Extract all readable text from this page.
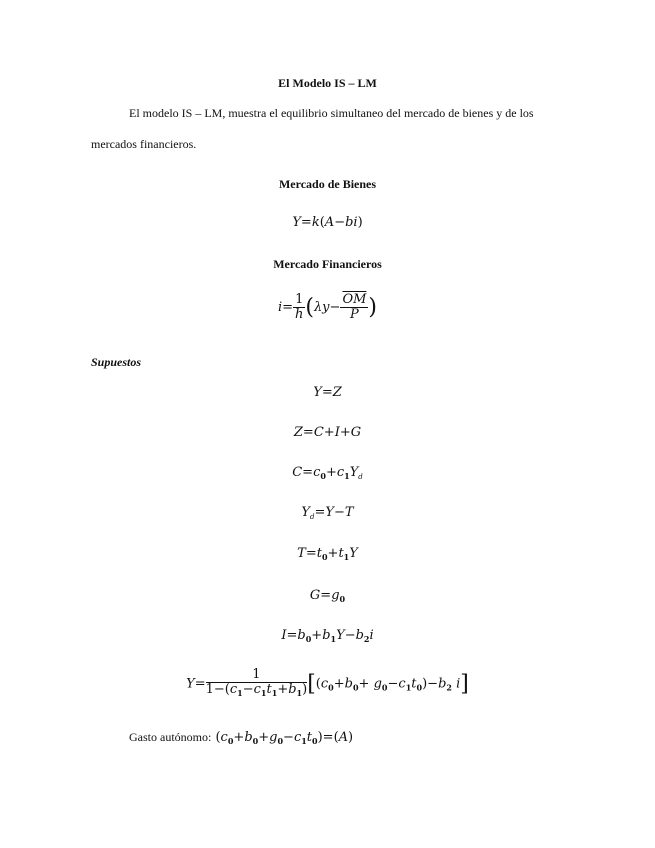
El Modelo IS – LM
El modelo IS – LM, muestra el equilibrio simultaneo del mercado de bienes y de los
mercados financieros.
Mercado de Bienes
Y=k(A−bi)
Mercado Financieros
$i= \frac{1}{h} (\lambda y- \frac{\overline{OM}}{P}$ )
Supuestos
Y=Z
Z=C+I+G
$C=c_0+c_1Y_d$
$Y_d=Y-T$
$T=t_0+t_1Y$
$G=g_0$
$I=b_0+b_1Y-b_2i$
$Y= \frac{1}{1-(c_1-c_1t_1+b_1)} [(c_0+b_0+ g_0-c_1t_0)-b_2$ i]
Gasto autónomo: $(c_0+b_0+g_0-c_1t_0)=(A)$
